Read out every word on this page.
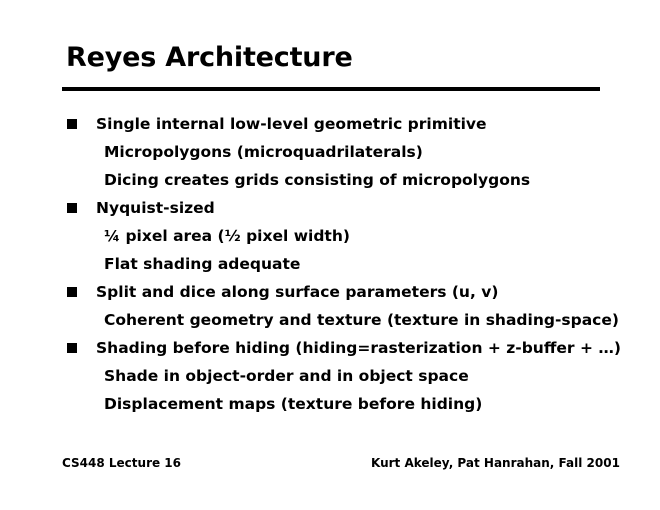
Reyes Architecture
Single internal low-level geometric primitive
Micropolygons (microquadrilaterals)
Dicing creates grids consisting of micropolygons
Nyquist-sized
¼ pixel area (½ pixel width)
Flat shading adequate
Split and dice along surface parameters (u, v)
Coherent geometry and texture (texture in shading-space)
Shading before hiding (hiding=rasterization + z-buffer + …)
Shade in object-order and in object space
Displacement maps (texture before hiding)
CS448 Lecture 16	Kurt Akeley, Pat Hanrahan, Fall 2001
